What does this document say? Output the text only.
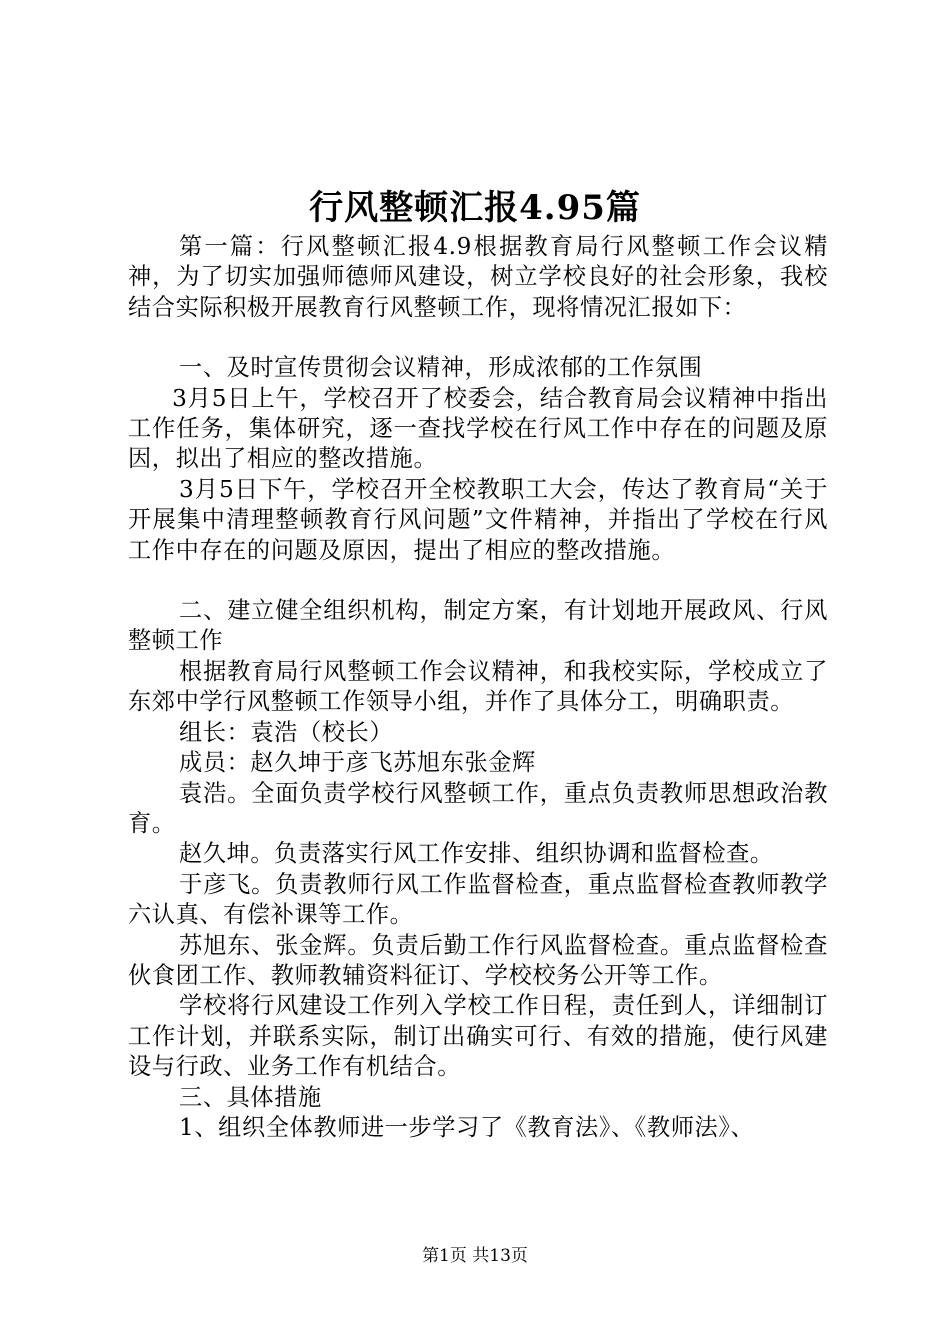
行风整顿汇报4.95篇

第一篇：行风整顿汇报4.9根据教育局行风整顿工作会议精神，为了切实加强师德师风建设，树立学校良好的社会形象，我校结合实际积极开展教育行风整顿工作，现将情况汇报如下：

一、及时宣传贯彻会议精神，形成浓郁的工作氛围

3月5日上午，学校召开了校委会，结合教育局会议精神中指出工作任务，集体研究，逐一查找学校在行风工作中存在的问题及原因，拟出了相应的整改措施。

3月5日下午，学校召开全校教职工大会，传达了教育局“关于开展集中清理整顿教育行风问题”文件精神，并指出了学校在行风工作中存在的问题及原因，提出了相应的整改措施。

二、建立健全组织机构，制定方案，有计划地开展政风、行风整顿工作

根据教育局行风整顿工作会议精神，和我校实际，学校成立了东郊中学行风整顿工作领导小组，并作了具体分工，明确职责。

组长：袁浩（校长）

成员：赵久坤于彦飞苏旭东张金辉

袁浩。全面负责学校行风整顿工作，重点负责教师思想政治教育。

赵久坤。负责落实行风工作安排、组织协调和监督检查。

于彦飞。负责教师行风工作监督检查，重点监督检查教师教学六认真、有偿补课等工作。

苏旭东、张金辉。负责后勤工作行风监督检查。重点监督检查伙食团工作、教师教辅资料征订、学校校务公开等工作。

学校将行风建设工作列入学校工作日程，责任到人，详细制订工作计划，并联系实际，制订出确实可行、有效的措施，使行风建设与行政、业务工作有机结合。

三、具体措施

1、组织全体教师进一步学习了《教育法》、《教师法》、

第1页 共13页
